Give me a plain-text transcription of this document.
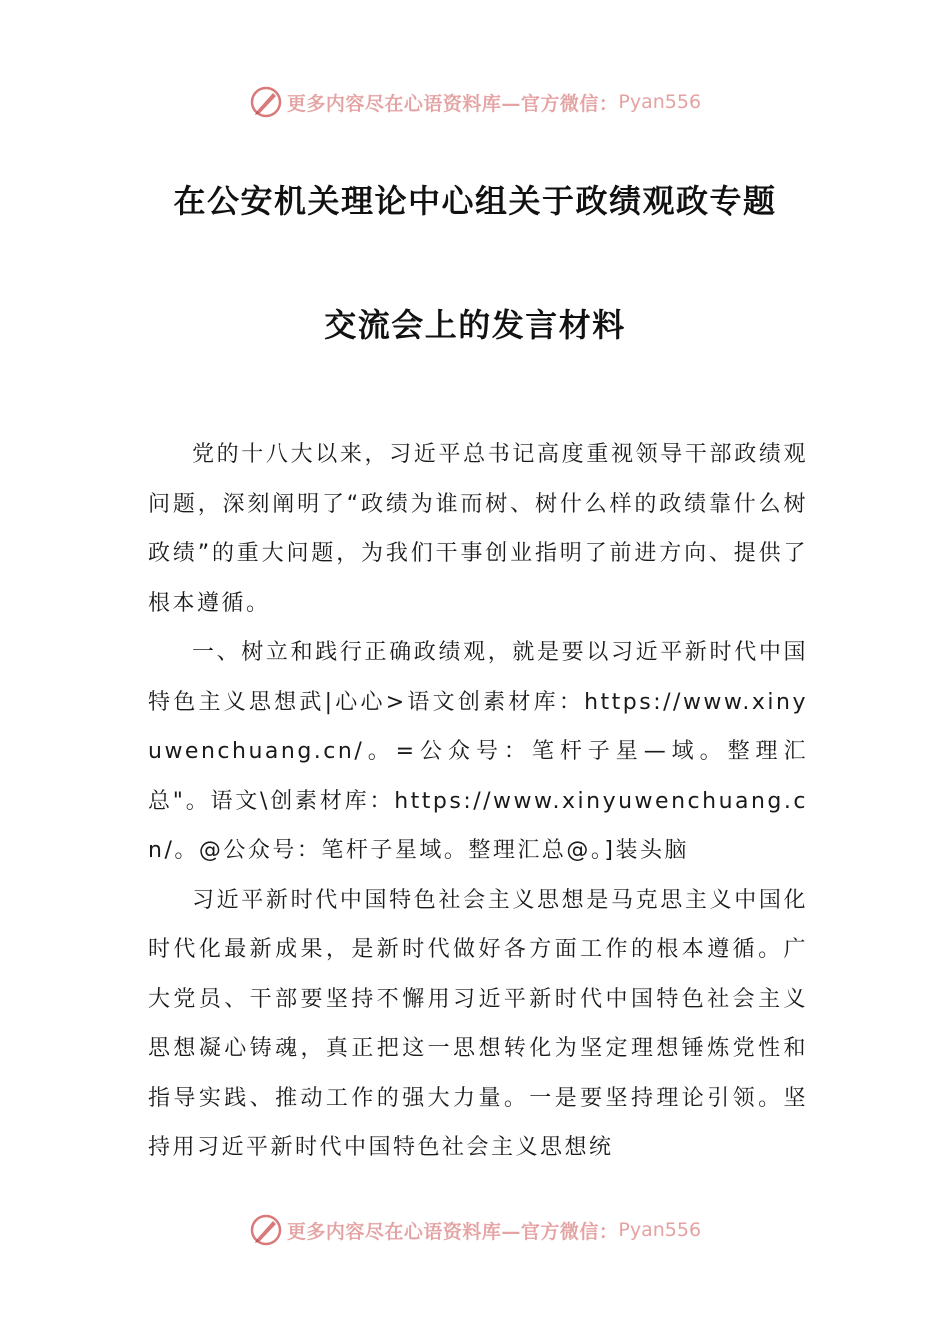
更多内容尽在心语资料库—官方微信： Pyan556
在公安机关理论中心组关于政绩观政专题
交流会上的发言材料

党的十八大以来，习近平总书记高度重视领导干部政绩观问题，深刻阐明了“政绩为谁而树、树什么样的政绩靠什么树政绩”的重大问题，为我们干事创业指明了前进方向、提供了根本遵循。

一、树立和践行正确政绩观，就是要以习近平新时代中国特色主义思想武|心心>语文创素材库：https://www.xinyuwenchuang.cn/。=公众号：笔杆子星—域。整理汇总"。语文\创素材库：https://www.xinyuwenchuang.cn/。@公众号：笔杆子星域。整理汇总@。]装头脑

习近平新时代中国特色社会主义思想是马克思主义中国化时代化最新成果，是新时代做好各方面工作的根本遵循。广大党员、干部要坚持不懈用习近平新时代中国特色社会主义思想凝心铸魂，真正把这一思想转化为坚定理想锤炼党性和指导实践、推动工作的强大力量。一是要坚持理论引领。坚持用习近平新时代中国特色社会主义思想统

更多内容尽在心语资料库—官方微信： Pyan556
